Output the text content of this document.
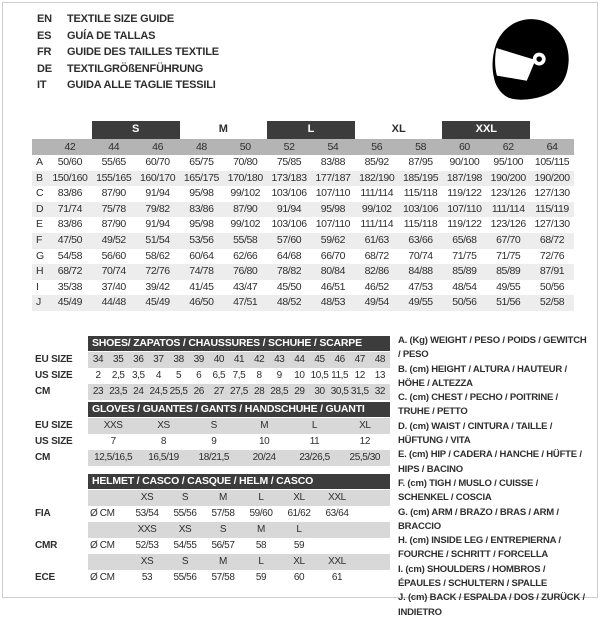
EN	TEXTILE SIZE GUIDE
ES	GUÍA DE TALLAS
FR	GUIDE DES TAILLES TEXTILE
DE	TEXTILGRÖßENFÜHRUNG
IT	GUIDA ALLE TAGLIE TESSILI
S	M	L	XL	XXL
42	44	46	48	50	52	54	56	58	60	62	64
A	50/60	55/65	60/70	65/75	70/80	75/85	83/88	85/92	87/95	90/100	95/100	105/115
B 150/160 155/165 160/170 165/175 170/180 173/183 177/187 182/190 185/195 187/198 190/200 190/200
C	83/86	87/90	91/94	95/98	99/102	103/106 107/110 111/114	115/118 119/122 123/126 127/130
D	71/74	75/78	79/82	83/86	87/90	91/94	95/98	99/102	103/106 107/110 111/114	115/119
E	83/86	87/90	91/94	95/98	99/102	103/106 107/110 111/114	115/118 119/122 123/126 127/130
F	47/50	49/52	51/54	53/56	55/58	57/60	59/62	61/63	63/66	65/68	67/70	68/72
G	54/58	56/60	58/62	60/64	62/66	64/68	66/70	68/72	70/74	71/75	71/75	72/76
H	68/72	70/74	72/76	74/78	76/80	78/82	80/84	82/86	84/88	85/89	85/89	87/91
I	35/38	37/40	39/42	41/45	43/47	45/50	46/51	46/52	47/53	48/54	49/55	50/56
J	45/49	44/48	45/49	46/50	47/51	48/52	48/53	49/54	49/55	50/56	51/56	52/58
SHOES/ ZAPATOS / CHAUSSURES / SCHUHE / SCARPE
EU SIZE	34 35 36 37 38 39 40 41 42 43 44 45 46 47 48
US SIZE	2	2,5 3,5	4	5	6	6,5 7,5	8	9	10 10,5 11,5 12 13
CM	23 23,5 24 24,5 25,5 26 27 27,5 28 28,5 29 30 30,5 31,5 32
GLOVES / GUANTES / GANTS / HANDSCHUHE / GUANTI
EU SIZE	XXS	XS	S	M	L	XL
US SIZE	7	8	9	10	11	12
CM	12,5/16,5	16,5/19	18/21,5	20/24	23/26,5	25,5/30
HELMET / CASCO / CASQUE / HELM / CASCO
XS	S	M	L	XL	XXL
FIA	Ø CM	53/54	55/56	57/58	59/60	61/62	63/64
XXS	XS	S	M	L
CMR	Ø CM	52/53	54/55	56/57	58	59
XS	S	M	L	XL	XXL
ECE	Ø CM	53	55/56	57/58	59	60	61
A. (Kg) WEIGHT / PESO / POIDS / GEWITCH / PESO
B. (cm) HEIGHT / ALTURA / HAUTEUR / HÖHE / ALTEZZA
C. (cm) CHEST / PECHO / POITRINE / TRUHE / PETTO
D. (cm) WAIST / CINTURA / TAILLE / HÜFTUNG / VITA
E. (cm) HIP / CADERA / HANCHE / HÜFTE / HIPS / BACINO
F. (cm) TIGH / MUSLO / CUISSE / SCHENKEL / COSCIA
G. (cm) ARM / BRAZO / BRAS / ARM / BRACCIO
H. (cm) INSIDE LEG / ENTREPIERNA / FOURCHE / SCHRITT / FORCELLA
I. (cm) SHOULDERS / HOMBROS / ÉPAULES / SCHULTERN / SPALLE
J. (cm) BACK / ESPALDA / DOS / ZURÜCK / INDIETRO
